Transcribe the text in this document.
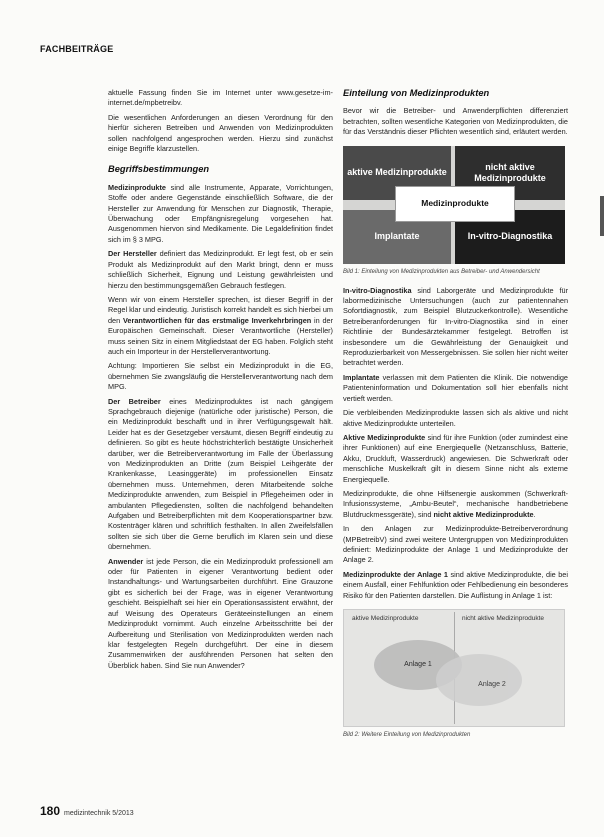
FACHBEITRÄGE

aktuelle Fassung finden Sie im Internet unter www.gesetze-im-internet.de/mpbetreibv.

Die wesentlichen Anforderungen an diesen Verordnung für den hierfür sicheren Betreiben und Anwenden von Medizinprodukten sollen nachfolgend angesprochen werden. Hierzu sind zunächst einige Begriffe klarzustellen.

Begriffsbestimmungen

Medizinprodukte sind alle Instrumente, Apparate, Vorrichtungen, Stoffe oder andere Gegenstände einschließlich Software, die der Hersteller zur Anwendung für Menschen zur Diagnostik, Therapie, Überwachung oder Empfängnisregelung vorgesehen hat. Ausgenommen hiervon sind Medikamente. Die Legaldefinition findet sich im § 3 MPG.

Der Hersteller definiert das Medizinprodukt. Er legt fest, ob er sein Produkt als Medizinprodukt auf den Markt bringt, denn er muss schließlich Sicherheit, Eignung und Leistung gewährleisten und hierzu den bestimmungsgemäßen Gebrauch festlegen.

Wenn wir von einem Hersteller sprechen, ist dieser Begriff in der Regel klar und eindeutig. Juristisch korrekt handelt es sich hierbei um den Verantwortlichen für das erstmalige Inverkehrbringen in der Europäischen Gemeinschaft. Dieser Verantwortliche (Hersteller) muss seinen Sitz in einem Mitgliedstaat der EG haben. Folglich steht auch ein Importeur in der Herstellerverantwortung.

Achtung: Importieren Sie selbst ein Medizinprodukt in die EG, übernehmen Sie zwangsläufig die Herstellerverantwortung nach dem MPG.

Der Betreiber eines Medizinproduktes ist nach gängigem Sprachgebrauch diejenige (natürliche oder juristische) Person, die ein Medizinprodukt beschafft und in ihrer Verfügungsgewalt hält. Leider hat es der Gesetzgeber versäumt, diesen Begriff eindeutig zu definieren. So gibt es heute höchstrichterlich bestätigte Unsicherheit darüber, wer die Betreiberverantwortung im Falle der Überlassung von Medizinprodukten an Dritte (zum Beispiel Leihgeräte der Krankenkasse, Leasinggeräte) im professionellen Einsatz übernehmen muss. Unternehmen, deren Mitarbeitende solche Medizinprodukte anwenden, zum Beispiel in Pflegeheimen oder in ambulanten Pflegediensten, sollten die nachfolgend behandelten Aufgaben und Betreiberpflichten mit dem Kooperationspartner bzw. Kostenträger klären und schriftlich festhalten. In allen Zweifelsfällen sollten sie sich über die Gerne beruflich im Klaren sein und diese übernehmen.

Anwender ist jede Person, die ein Medizinprodukt professionell am oder für Patienten in eigener Verantwortung bedient oder Instandhaltungs- und Wartungsarbeiten durchführt. Eine Grauzone gibt es sicherlich bei der Frage, was in eigener Verantwortung geschieht. Beispielhaft sei hier ein Operationsassistent erwähnt, der auf Weisung des Operateurs Geräteeinstellungen an einem Medizinprodukt vornimmt. Auch einzelne Arbeitsschritte bei der Aufbereitung und Sterilisation von Medizinprodukten werden nach klar festgelegten Regeln durchgeführt. Der eine in diesem Zusammenwirken der ausführenden Personen hat selten den Überblick haben. Sind Sie nun Anwender?

Einteilung von Medizinprodukten

Bevor wir die Betreiber- und Anwenderpflichten differenziert betrachten, sollten wesentliche Kategorien von Medizinprodukten, die für das Verständnis dieser Pflichten wesentlich sind, erläutert werden.

aktive Medizinprodukte
nicht aktive Medizinprodukte
Implantate	In-vitro-Diagnostika
Medizinprodukte
Bild 1: Einteilung von Medizinprodukten aus Betreiber- und Anwendersicht

In-vitro-Diagnostika sind Laborgeräte und Medizinprodukte für labormedizinische Untersuchungen (auch zur patientennahen Sofortdiagnostik, zum Beispiel Blutzuckerkontrolle). Wesentliche Betreiberanforderungen für In-vitro-Diagnostika sind in einer Richtlinie der Bundesärztekammer festgelegt. Betroffen ist insbesondere um die Gewährleistung der Genauigkeit und Reproduzierbarkeit von Messergebnissen. Sie sollen hier nicht weiter betrachtet werden.

Implantate verlassen mit dem Patienten die Klinik. Die notwendige Patienteninformation und Dokumentation soll hier ebenfalls nicht vertieft werden.

Die verbleibenden Medizinprodukte lassen sich als aktive und nicht aktive Medizinprodukte unterteilen.

Aktive Medizinprodukte sind für ihre Funktion (oder zumindest eine ihrer Funktionen) auf eine Energiequelle (Netzanschluss, Batterie, Akku, Druckluft, Wasserdruck) angewiesen. Die Schwerkraft oder menschliche Muskelkraft gilt in diesem Sinne nicht als externe Energiequelle.

Medizinprodukte, die ohne Hilfsenergie auskommen (Schwerkraft-Infusionssysteme, „Ambu-Beutel“, mechanische handbetriebene Blutdruckmessgeräte), sind nicht aktive Medizinprodukte.

In den Anlagen zur Medizinprodukte-Betreiberverordnung (MPBetreibV) sind zwei weitere Untergruppen von Medizinprodukten definiert: Medizinprodukte der Anlage 1 und Medizinprodukte der Anlage 2.

Medizinprodukte der Anlage 1 sind aktive Medizinprodukte, die bei einem Ausfall, einer Fehlfunktion oder Fehlbedienung ein besonderes Risiko für den Patienten darstellen. Die Auflistung in Anlage 1 ist:

aktive Medizinprodukte	nicht aktive Medizinprodukte
Anlage 1
Anlage 2
Bild 2: Weitere Einteilung von Medizinprodukten
180 medizintechnik 5/2013
